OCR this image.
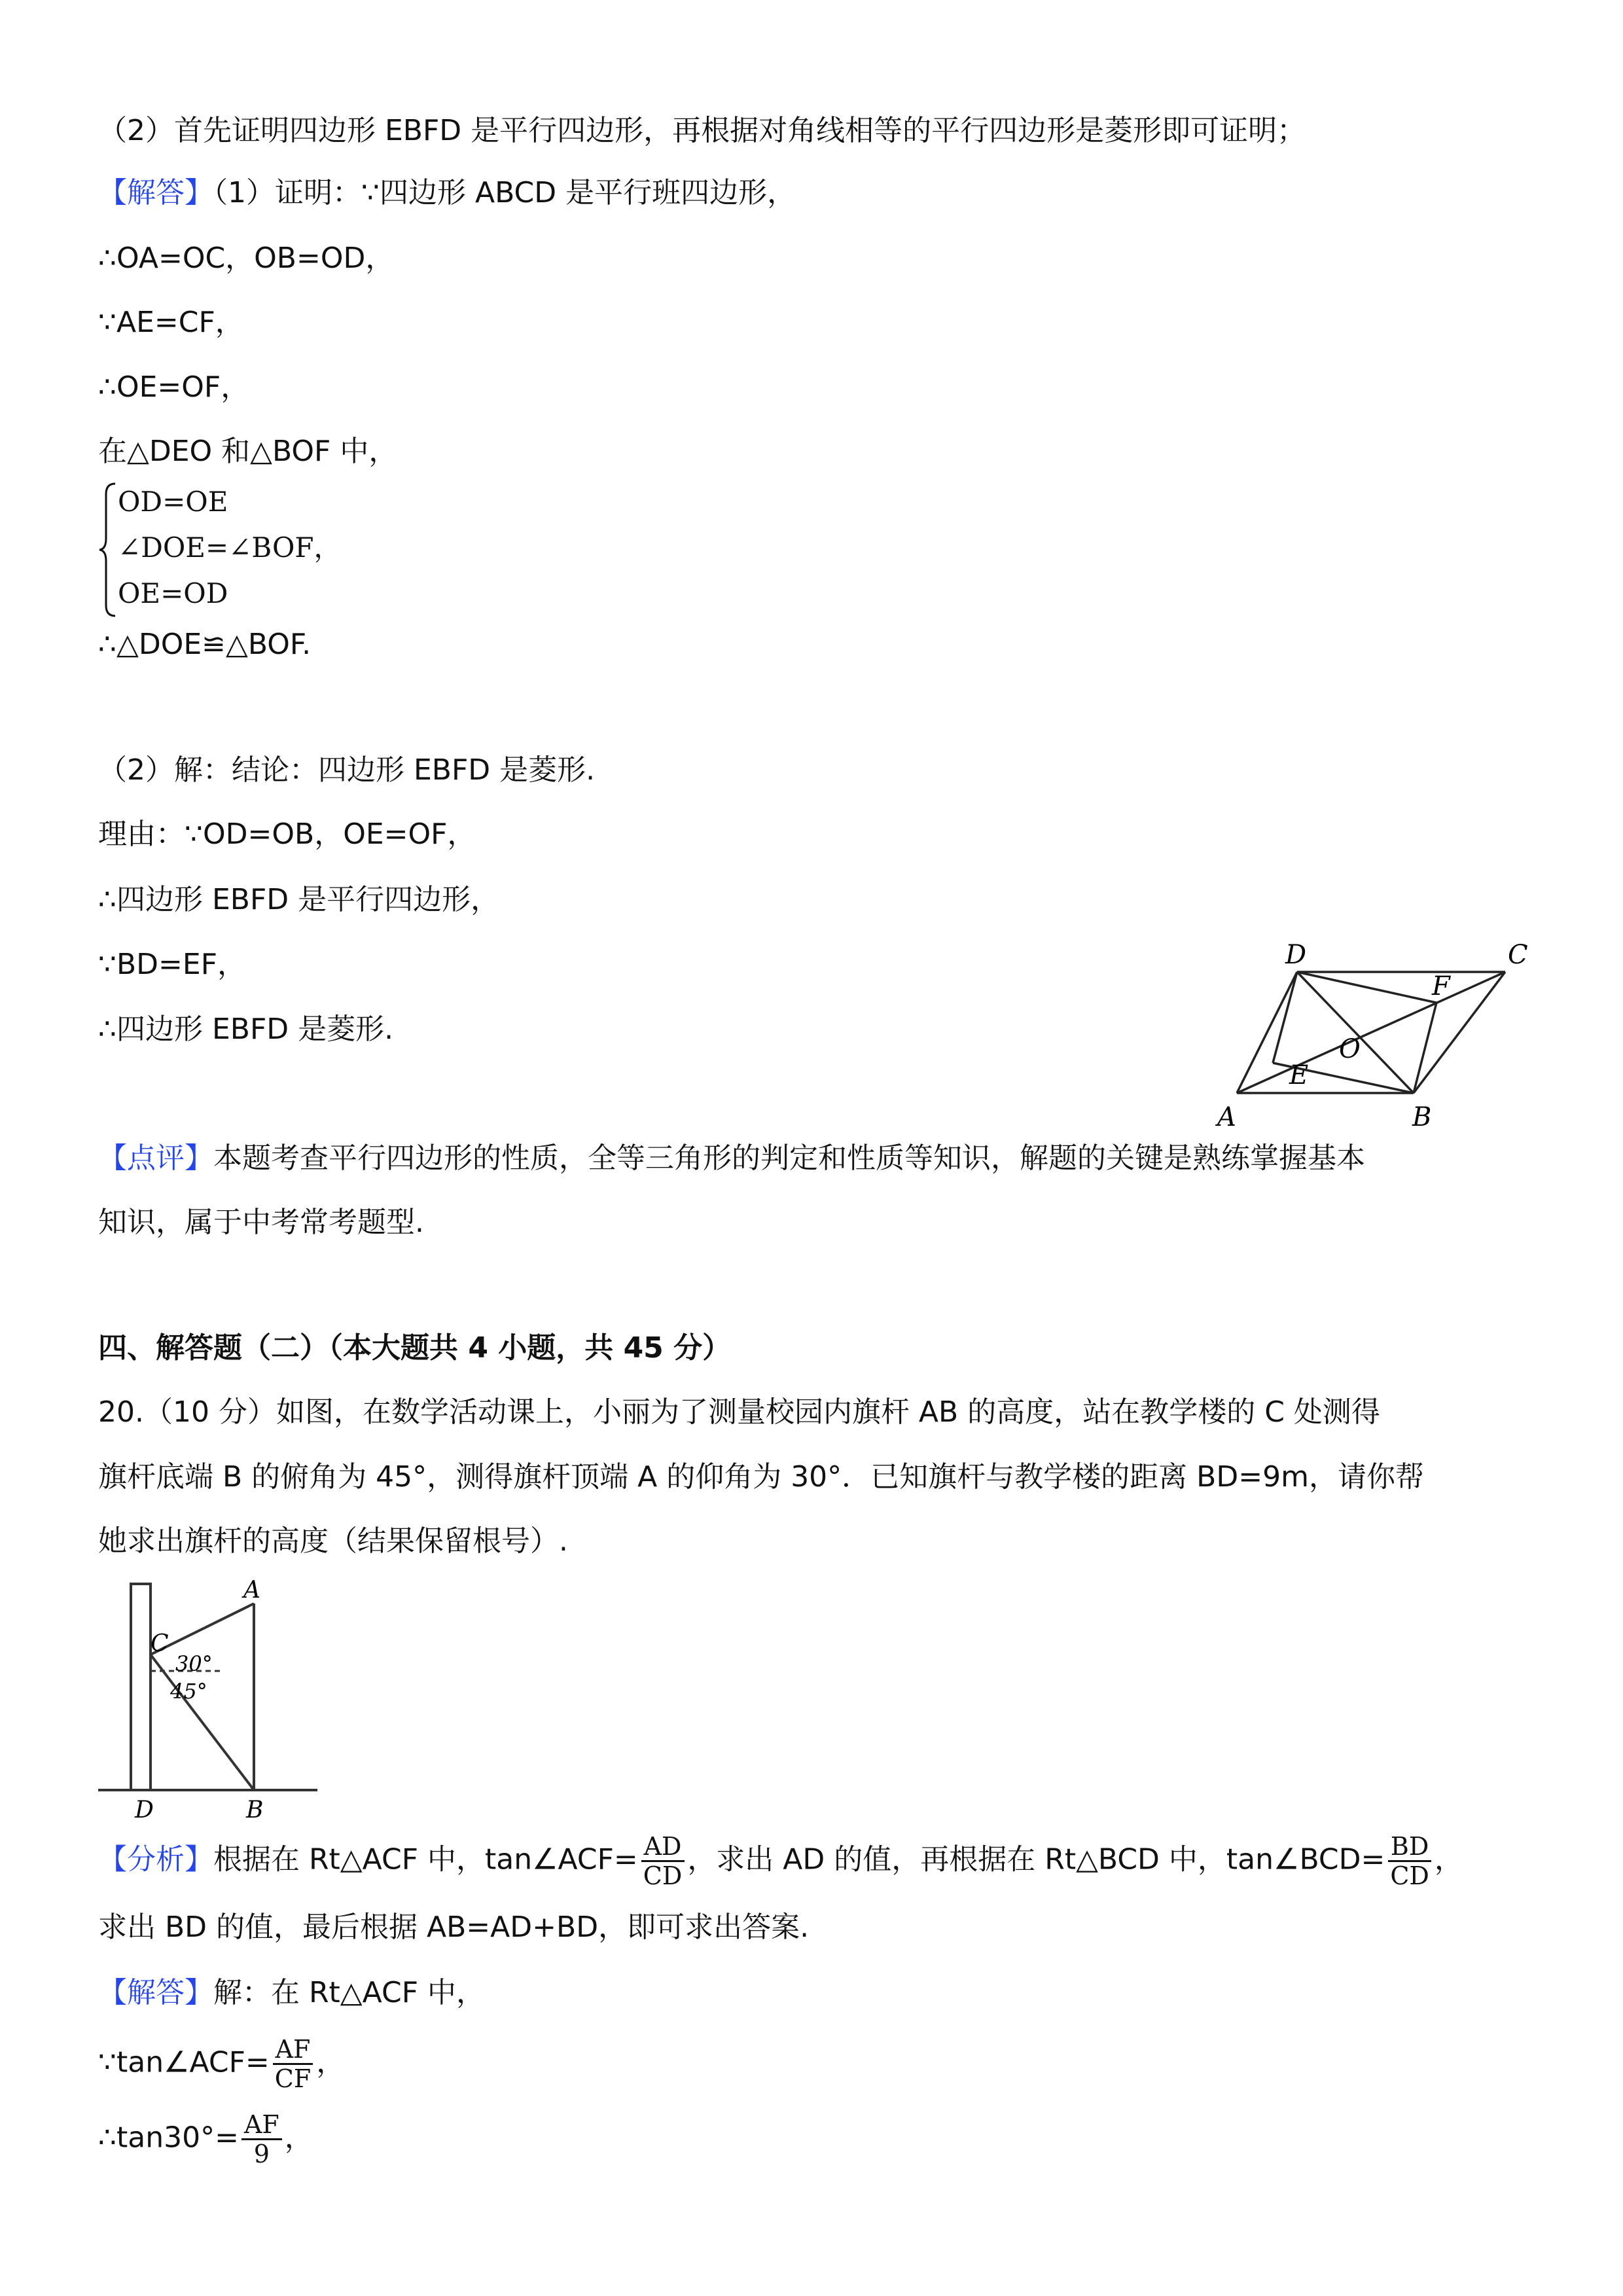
（2）首先证明四边形 EBFD 是平行四边形，再根据对角线相等的平行四边形是菱形即可证明；
【解答】（1）证明：∵四边形 ABCD 是平行班四边形，
∴OA=OC，OB=OD，
∵AE=CF，
∴OE=OF，
在△DEO 和△BOF 中，
OD=OE
∠DOE=∠BOF，
OE=OD
∴△DOE≌△BOF.
（2）解：结论：四边形 EBFD 是菱形.
理由：∵OD=OB，OE=OF，
∴四边形 EBFD 是平行四边形，
∵BD=EF，
∴四边形 EBFD 是菱形.
D	C
F
O
E
A	B
【点评】本题考查平行四边形的性质，全等三角形的判定和性质等知识，解题的关键是熟练掌握基本
知识，属于中考常考题型.
四、解答题（二）（本大题共 4 小题，共 45 分）
20.（10 分）如图，在数学活动课上，小丽为了测量校园内旗杆 AB 的高度，站在教学楼的 C 处测得
旗杆底端 B 的俯角为 45°，测得旗杆顶端 A 的仰角为 30°．已知旗杆与教学楼的距离 BD=9m，请你帮
她求出旗杆的高度（结果保留根号）.
A
C
30°
45°
D	B
【分析】根据在 Rt△ACF 中，tan∠ACF= $\frac{AD}{CD}$ ，求出 AD 的值，再根据在 Rt△BCD 中，tan∠BCD= $\frac{BD}{CD}$ ，
求出 BD 的值，最后根据 AB=AD+BD，即可求出答案.
【解答】解：在 Rt△ACF 中，
∵tan∠ACF= $\frac{AF}{CF}$ ，
∴tan30°= $\frac{AF}{9}$ ，
